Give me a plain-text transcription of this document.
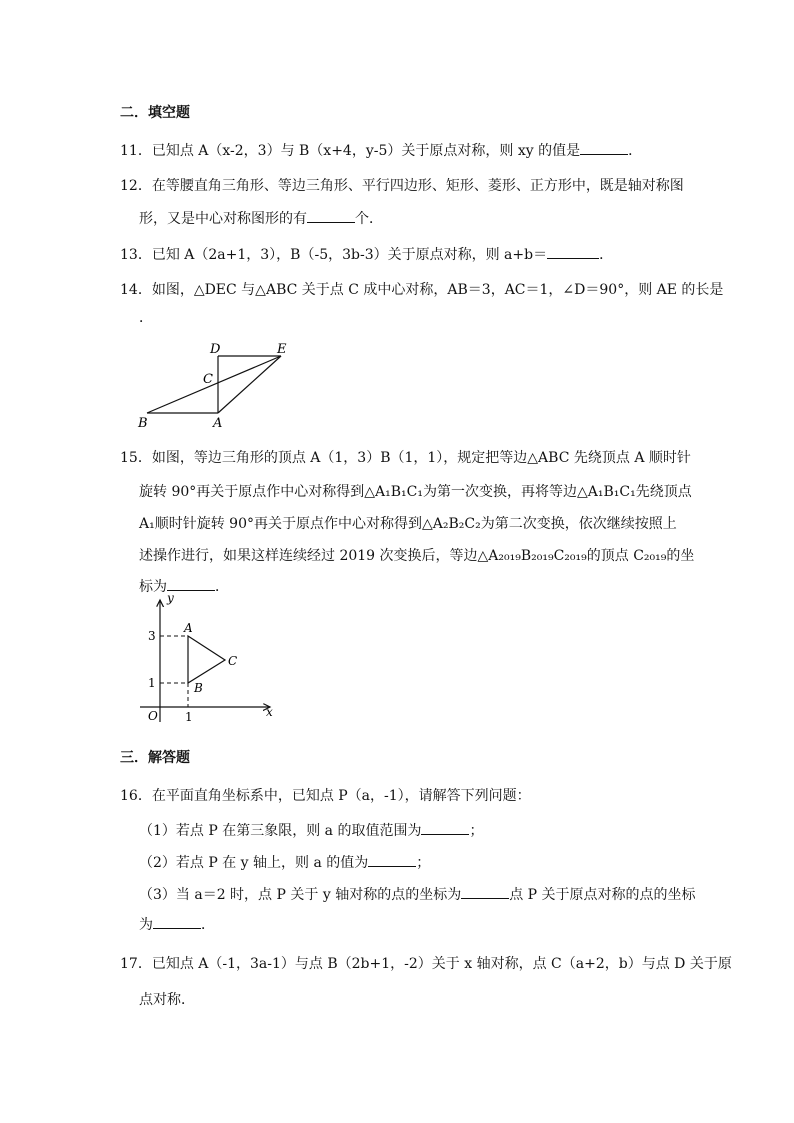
二．填空题
11．已知点 A（x-2，3）与 B（x+4，y-5）关于原点对称，则 xy 的值是	．
12．在等腰直角三角形、等边三角形、平行四边形、矩形、菱形、正方形中，既是轴对称图
形，又是中心对称图形的有	个．
13．已知 A（2a+1，3），B（-5，3b-3）关于原点对称，则 a+b＝	．
14．如图，△DEC 与△ABC 关于点 C 成中心对称，AB＝3，AC＝1，∠D＝90°，则 AE 的长是
．
D	E
C
B	A
15．如图，等边三角形的顶点 A（1，3）B（1，1），规定把等边△ABC 先绕顶点 A 顺时针
旋转 90°再关于原点作中心对称得到△A₁B₁C₁为第一次变换，再将等边△A₁B₁C₁先绕顶点
A₁顺时针旋转 90°再关于原点作中心对称得到△A₂B₂C₂为第二次变换，依次继续按照上
述操作进行，如果这样连续经过 2019 次变换后，等边△A₂₀₁₉B₂₀₁₉C₂₀₁₉的顶点 C₂₀₁₉的坐
标为	．
y
x
O
3
1
1
A
B
C
三．解答题
16．在平面直角坐标系中，已知点 P（a，-1），请解答下列问题：
（1）若点 P 在第三象限，则 a 的取值范围为	；
（2）若点 P 在 y 轴上，则 a 的值为	；
（3）当 a＝2 时，点 P 关于 y 轴对称的点的坐标为	点 P 关于原点对称的点的坐标
为	．
17．已知点 A（-1，3a-1）与点 B（2b+1，-2）关于 x 轴对称，点 C（a+2，b）与点 D 关于原
点对称．
